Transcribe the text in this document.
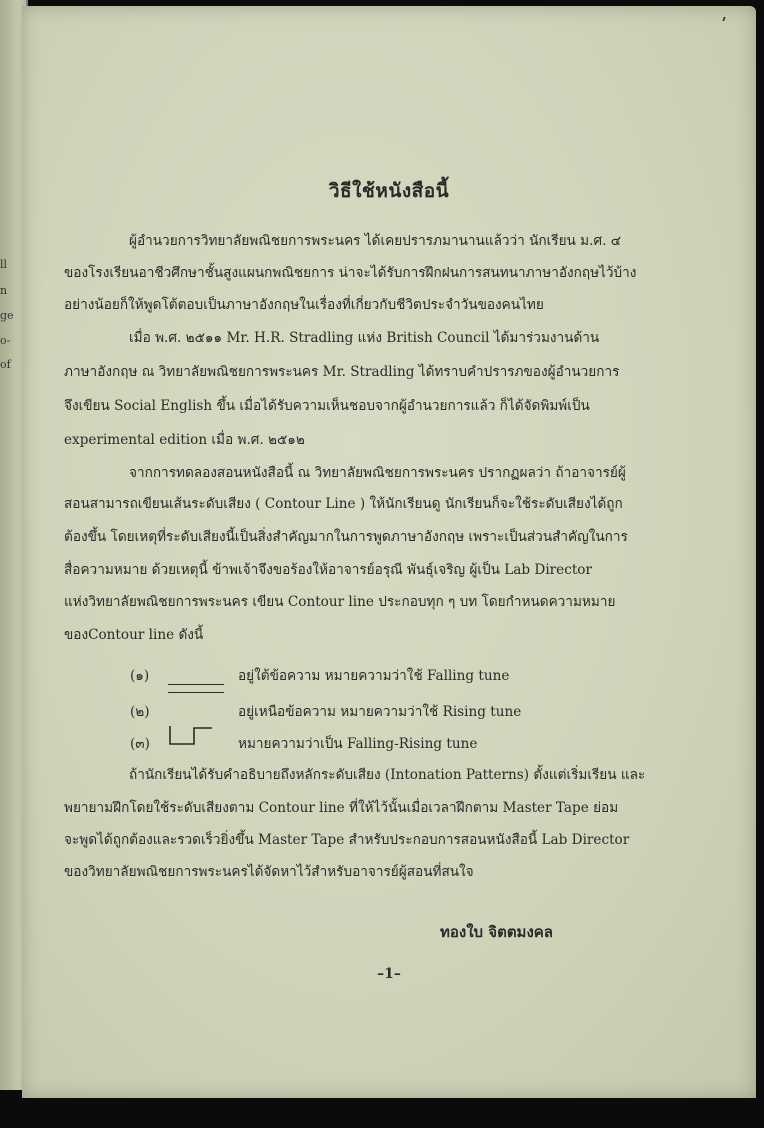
ll
n
ge
o-
of
’
วิธีใช้หนังสือนี้
ผู้อำนวยการวิทยาลัยพณิชยการพระนคร ได้เคยปรารภมานานแล้วว่า นักเรียน ม.ศ. ๔
ของโรงเรียนอาชีวศึกษาชั้นสูงแผนกพณิชยการ น่าจะได้รับการฝึกฝนการสนทนาภาษาอังกฤษไว้บ้าง
อย่างน้อยก็ให้พูดโต้ตอบเป็นภาษาอังกฤษในเรื่องที่เกี่ยวกับชีวิตประจำวันของคนไทย
เมื่อ พ.ศ. ๒๕๑๑ Mr. H.R. Stradling แห่ง British Council ได้มาร่วมงานด้าน
ภาษาอังกฤษ ณ วิทยาลัยพณิชยการพระนคร Mr. Stradling ได้ทราบคำปรารภของผู้อำนวยการ
จึงเขียน Social English ขึ้น เมื่อได้รับความเห็นชอบจากผู้อำนวยการแล้ว ก็ได้จัดพิมพ์เป็น
experimental edition เมื่อ พ.ศ. ๒๕๑๒
จากการทดลองสอนหนังสือนี้ ณ วิทยาลัยพณิชยการพระนคร ปรากฏผลว่า ถ้าอาจารย์ผู้
สอนสามารถเขียนเส้นระดับเสียง ( Contour Line ) ให้นักเรียนดู นักเรียนก็จะใช้ระดับเสียงได้ถูก
ต้องขึ้น โดยเหตุที่ระดับเสียงนี้เป็นสิ่งสำคัญมากในการพูดภาษาอังกฤษ เพราะเป็นส่วนสำคัญในการ
สื่อความหมาย ด้วยเหตุนี้ ข้าพเจ้าจึงขอร้องให้อาจารย์อรุณี พันธุ์เจริญ ผู้เป็น Lab Director
แห่งวิทยาลัยพณิชยการพระนคร เขียน Contour line ประกอบทุก ๆ บท โดยกำหนดความหมาย
ของContour line ดังนี้
(๑)	อยู่ใต้ข้อความ หมายความว่าใช้ Falling tune
(๒)	อยู่เหนือข้อความ หมายความว่าใช้ Rising tune
(๓)	หมายความว่าเป็น Falling-Rising tune
ถ้านักเรียนได้รับคำอธิบายถึงหลักระดับเสียง (Intonation Patterns) ตั้งแต่เริ่มเรียน และ
พยายามฝึกโดยใช้ระดับเสียงตาม Contour line ที่ให้ไว้นั้นเมื่อเวลาฝึกตาม Master Tape ย่อม
จะพูดได้ถูกต้องและรวดเร็วยิ่งขึ้น Master Tape สำหรับประกอบการสอนหนังสือนี้ Lab Director
ของวิทยาลัยพณิชยการพระนครได้จัดหาไว้สำหรับอาจารย์ผู้สอนที่สนใจ
ทองใบ จิตตมงคล
–1–
